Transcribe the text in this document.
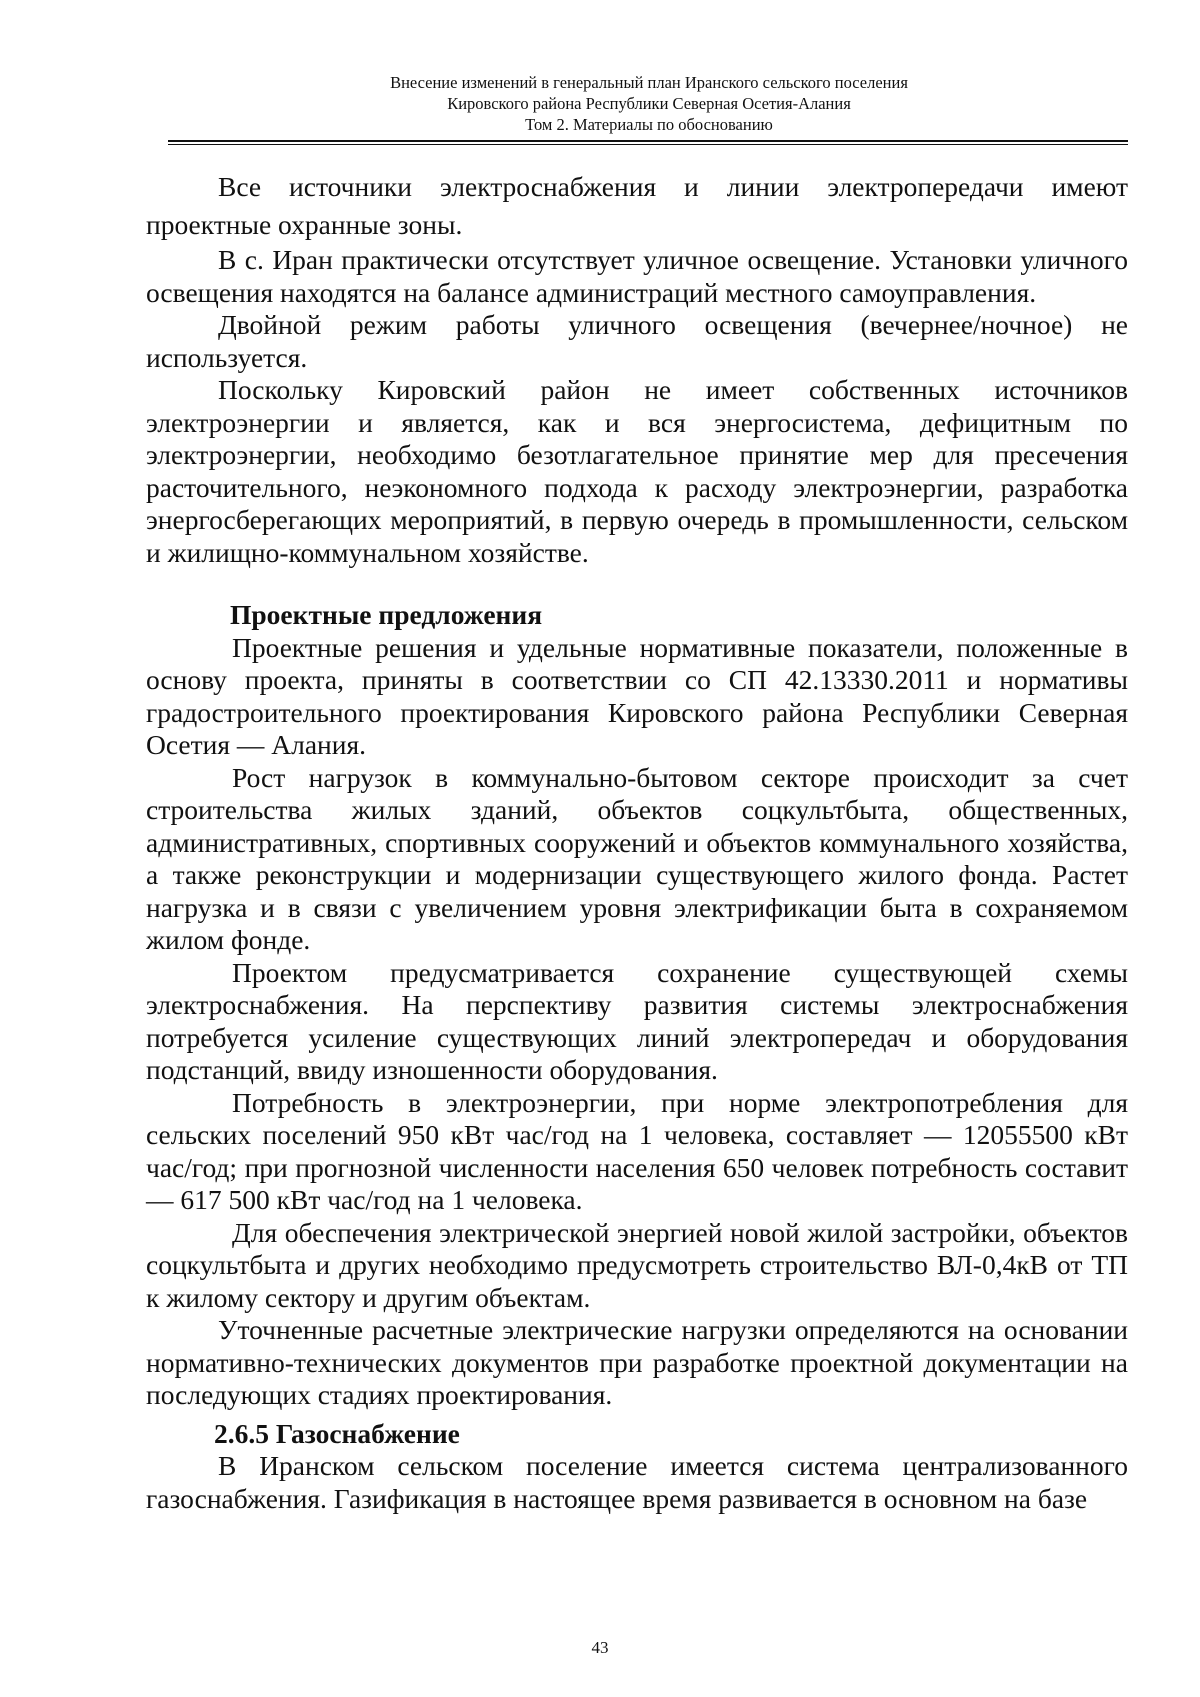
Внесение изменений в генеральный план Иранского сельского поселения
Кировского района Республики Северная Осетия-Алания
Том 2. Материалы по обоснованию

Все источники электроснабжения и линии электропередачи имеют проектные охранные зоны.

В с. Иран практически отсутствует уличное освещение. Установки уличного освещения находятся на балансе администраций местного самоуправления.

Двойной режим работы уличного освещения (вечернее/ночное) не используется.

Поскольку Кировский район не имеет собственных источников электроэнергии и является, как и вся энергосистема, дефицитным по электроэнергии, необходимо безотлагательное принятие мер для пресечения расточительного, неэкономного подхода к расходу электроэнергии, разработка энергосберегающих мероприятий, в первую очередь в промышленности, сельском и жилищно-коммунальном хозяйстве.

Проектные предложения

Проектные решения и удельные нормативные показатели, положенные в основу проекта, приняты в соответствии со СП 42.13330.2011 и нормативы градостроительного проектирования Кировского района Республики Северная Осетия — Алания.

Рост нагрузок в коммунально-бытовом секторе происходит за счет строительства жилых зданий, объектов соцкультбыта, общественных, административных, спортивных сооружений и объектов коммунального хозяйства, а также реконструкции и модернизации существующего жилого фонда. Растет нагрузка и в связи с увеличением уровня электрификации быта в сохраняемом жилом фонде.

Проектом предусматривается сохранение существующей схемы электроснабжения. На перспективу развития системы электроснабжения потребуется усиление существующих линий электропередач и оборудования подстанций, ввиду изношенности оборудования.

Потребность в электроэнергии, при норме электропотребления для сельских поселений 950 кВт час/год на 1 человека, составляет — 12055500 кВт час/год; при прогнозной численности населения 650 человек потребность составит — 617 500 кВт час/год на 1 человека.

Для обеспечения электрической энергией новой жилой застройки, объектов соцкультбыта и других необходимо предусмотреть строительство ВЛ-0,4кВ от ТП к жилому сектору и другим объектам.

Уточненные расчетные электрические нагрузки определяются на основании нормативно-технических документов при разработке проектной документации на последующих стадиях проектирования.

2.6.5 Газоснабжение

В Иранском сельском поселение имеется система централизованного газоснабжения. Газификация в настоящее время развивается в основном на базе

43
